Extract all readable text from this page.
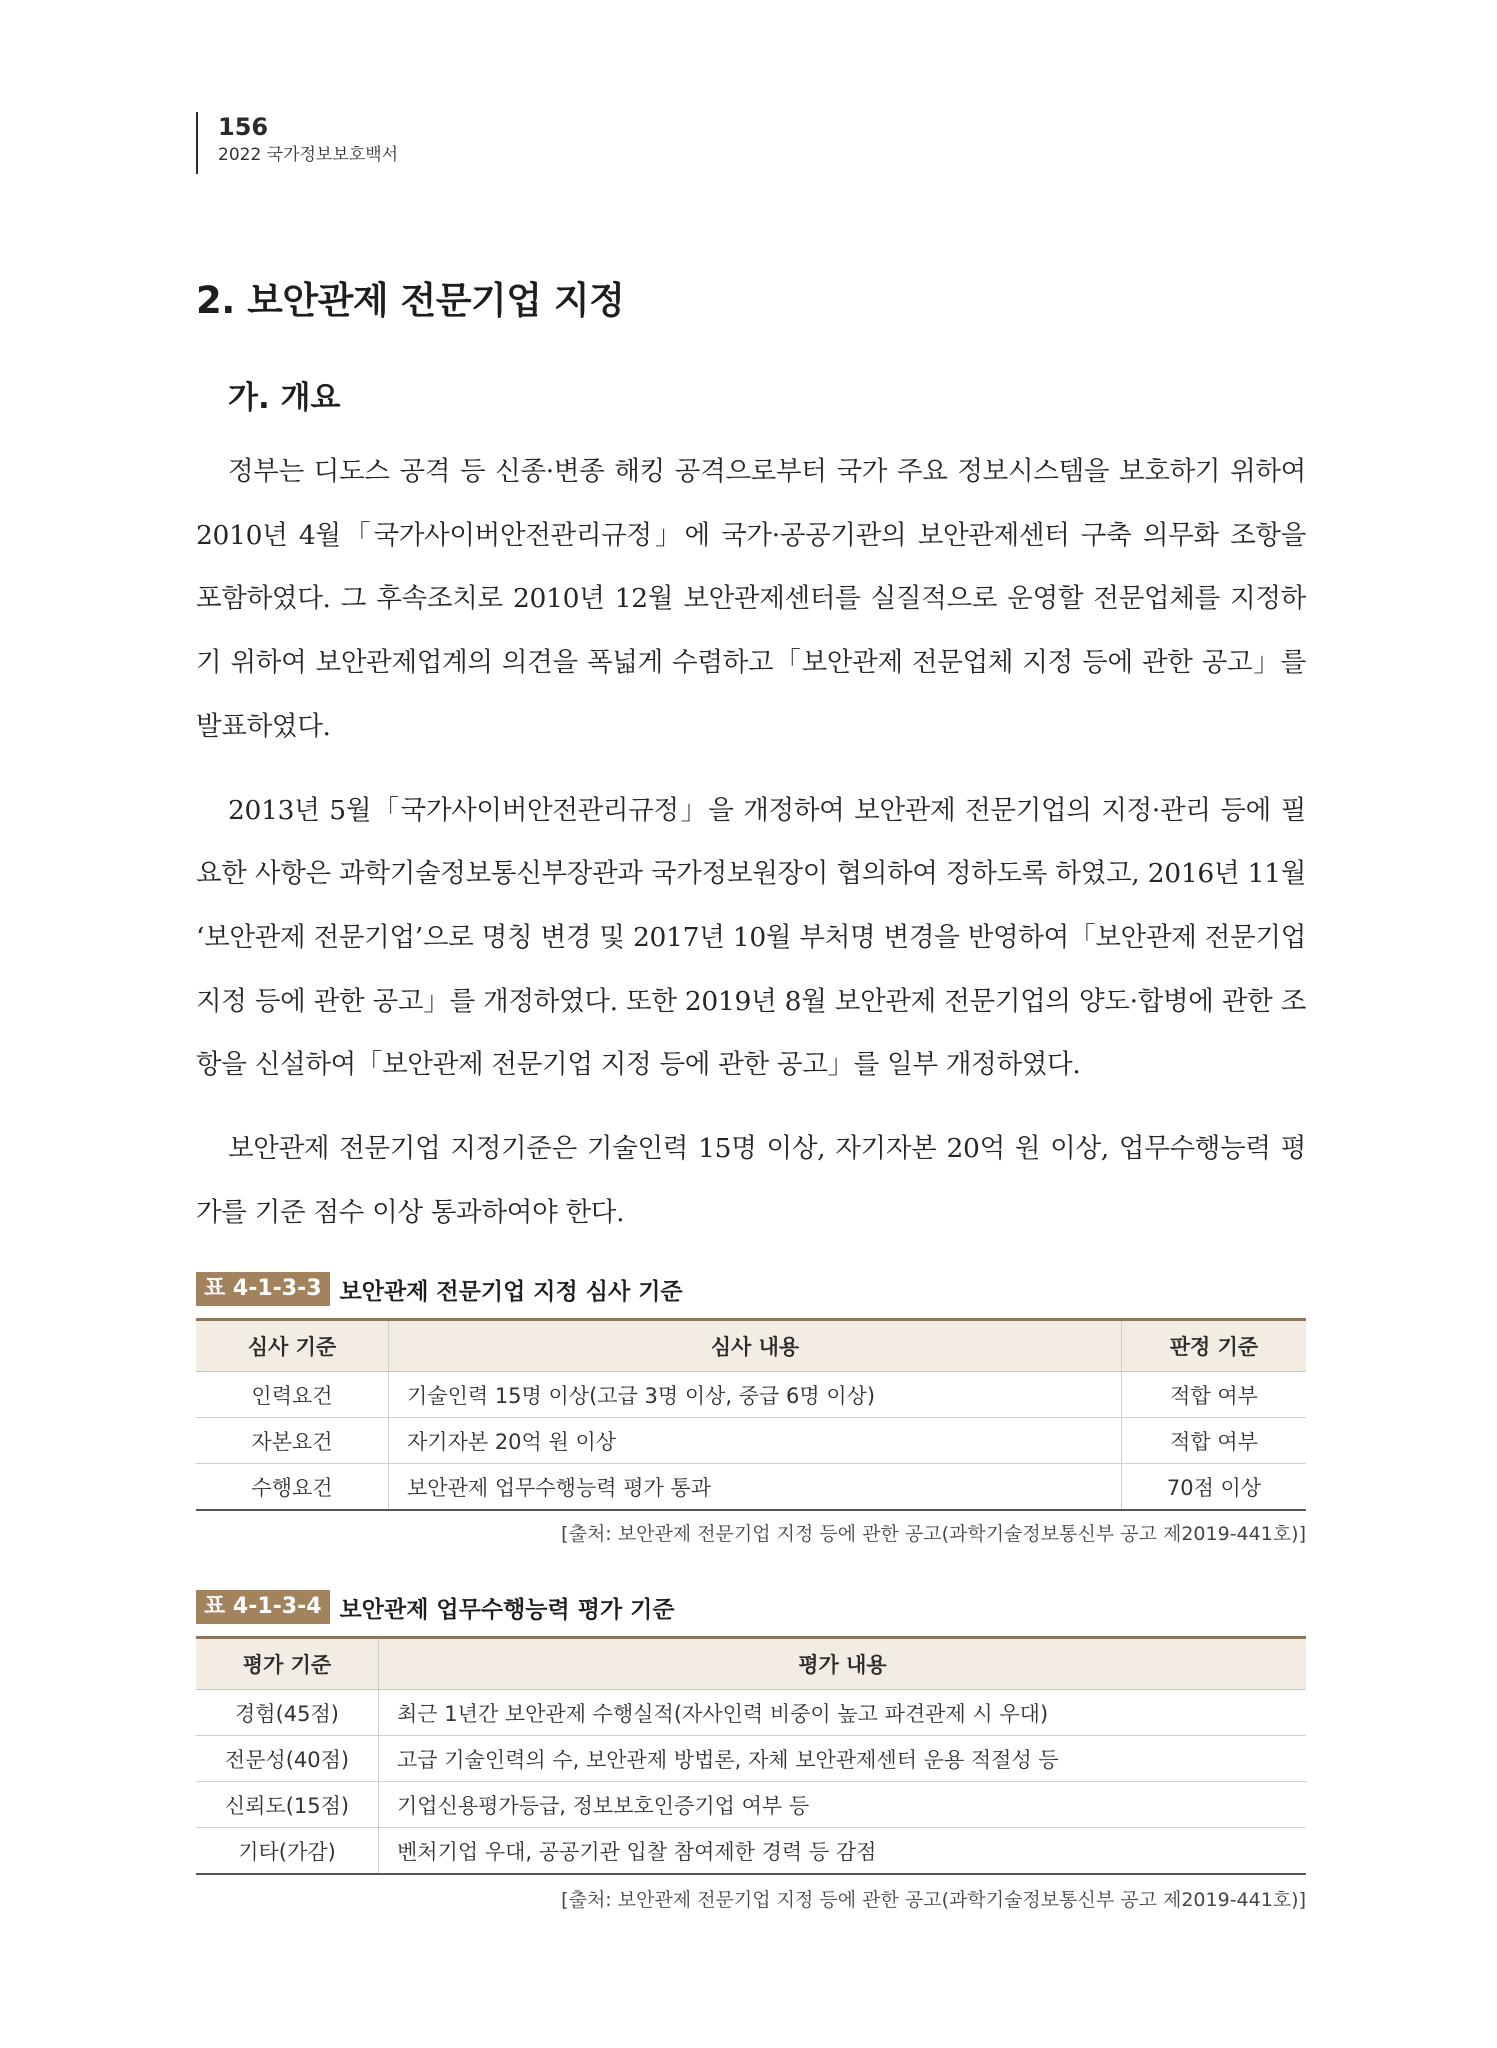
156
2022 국가정보보호백서
2. 보안관제 전문기업 지정
가. 개요

정부는 디도스 공격 등 신종·변종 해킹 공격으로부터 국가 주요 정보시스템을 보호하기 위하여 2010년 4월「국가사이버안전관리규정」에 국가·공공기관의 보안관제센터 구축 의무화 조항을 포함하였다. 그 후속조치로 2010년 12월 보안관제센터를 실질적으로 운영할 전문업체를 지정하기 위하여 보안관제업계의 의견을 폭넓게 수렴하고「보안관제 전문업체 지정 등에 관한 공고」를 발표하였다.

2013년 5월「국가사이버안전관리규정」을 개정하여 보안관제 전문기업의 지정·관리 등에 필요한 사항은 과학기술정보통신부장관과 국가정보원장이 협의하여 정하도록 하였고, 2016년 11월 ‘보안관제 전문기업’으로 명칭 변경 및 2017년 10월 부처명 변경을 반영하여「보안관제 전문기업 지정 등에 관한 공고」를 개정하였다. 또한 2019년 8월 보안관제 전문기업의 양도·합병에 관한 조항을 신설하여「보안관제 전문기업 지정 등에 관한 공고」를 일부 개정하였다.

보안관제 전문기업 지정기준은 기술인력 15명 이상, 자기자본 20억 원 이상, 업무수행능력 평가를 기준 점수 이상 통과하여야 한다.

표 4-1-3-3 보안관제 전문기업 지정 심사 기준
심사 기준	심사 내용	판정 기준
인력요건	기술인력 15명 이상(고급 3명 이상, 중급 6명 이상)	적합 여부
자본요건	자기자본 20억 원 이상	적합 여부
수행요건	보안관제 업무수행능력 평가 통과	70점 이상
[출처: 보안관제 전문기업 지정 등에 관한 공고(과학기술정보통신부 공고 제2019-441호)]
표 4-1-3-4 보안관제 업무수행능력 평가 기준
평가 기준	평가 내용
경험(45점)	최근 1년간 보안관제 수행실적(자사인력 비중이 높고 파견관제 시 우대)
전문성(40점)	고급 기술인력의 수, 보안관제 방법론, 자체 보안관제센터 운용 적절성 등
신뢰도(15점)	기업신용평가등급, 정보보호인증기업 여부 등
기타(가감)	벤처기업 우대, 공공기관 입찰 참여제한 경력 등 감점
[출처: 보안관제 전문기업 지정 등에 관한 공고(과학기술정보통신부 공고 제2019-441호)]
